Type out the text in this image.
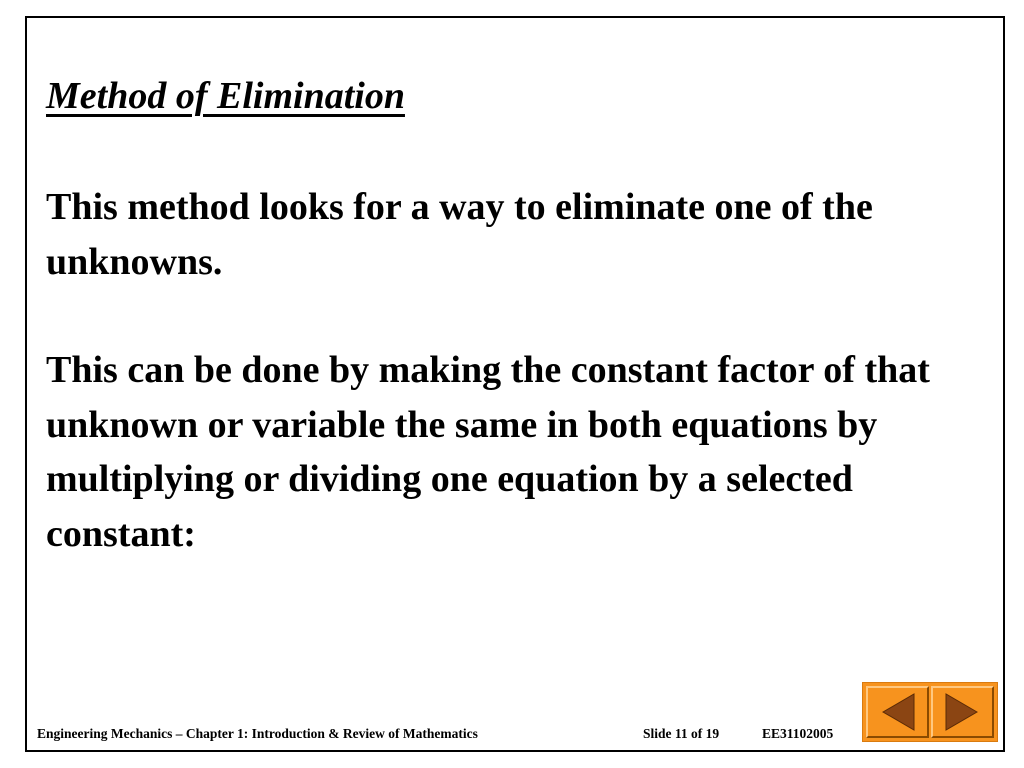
Method of Elimination

This method looks for a way to eliminate one of the unknowns.

This can be done by making the constant factor of that unknown or variable the same in both equations by multiplying or dividing one equation by a selected constant:

Engineering Mechanics – Chapter 1: Introduction & Review of Mathematics	Slide 11 of 19	EE31102005
